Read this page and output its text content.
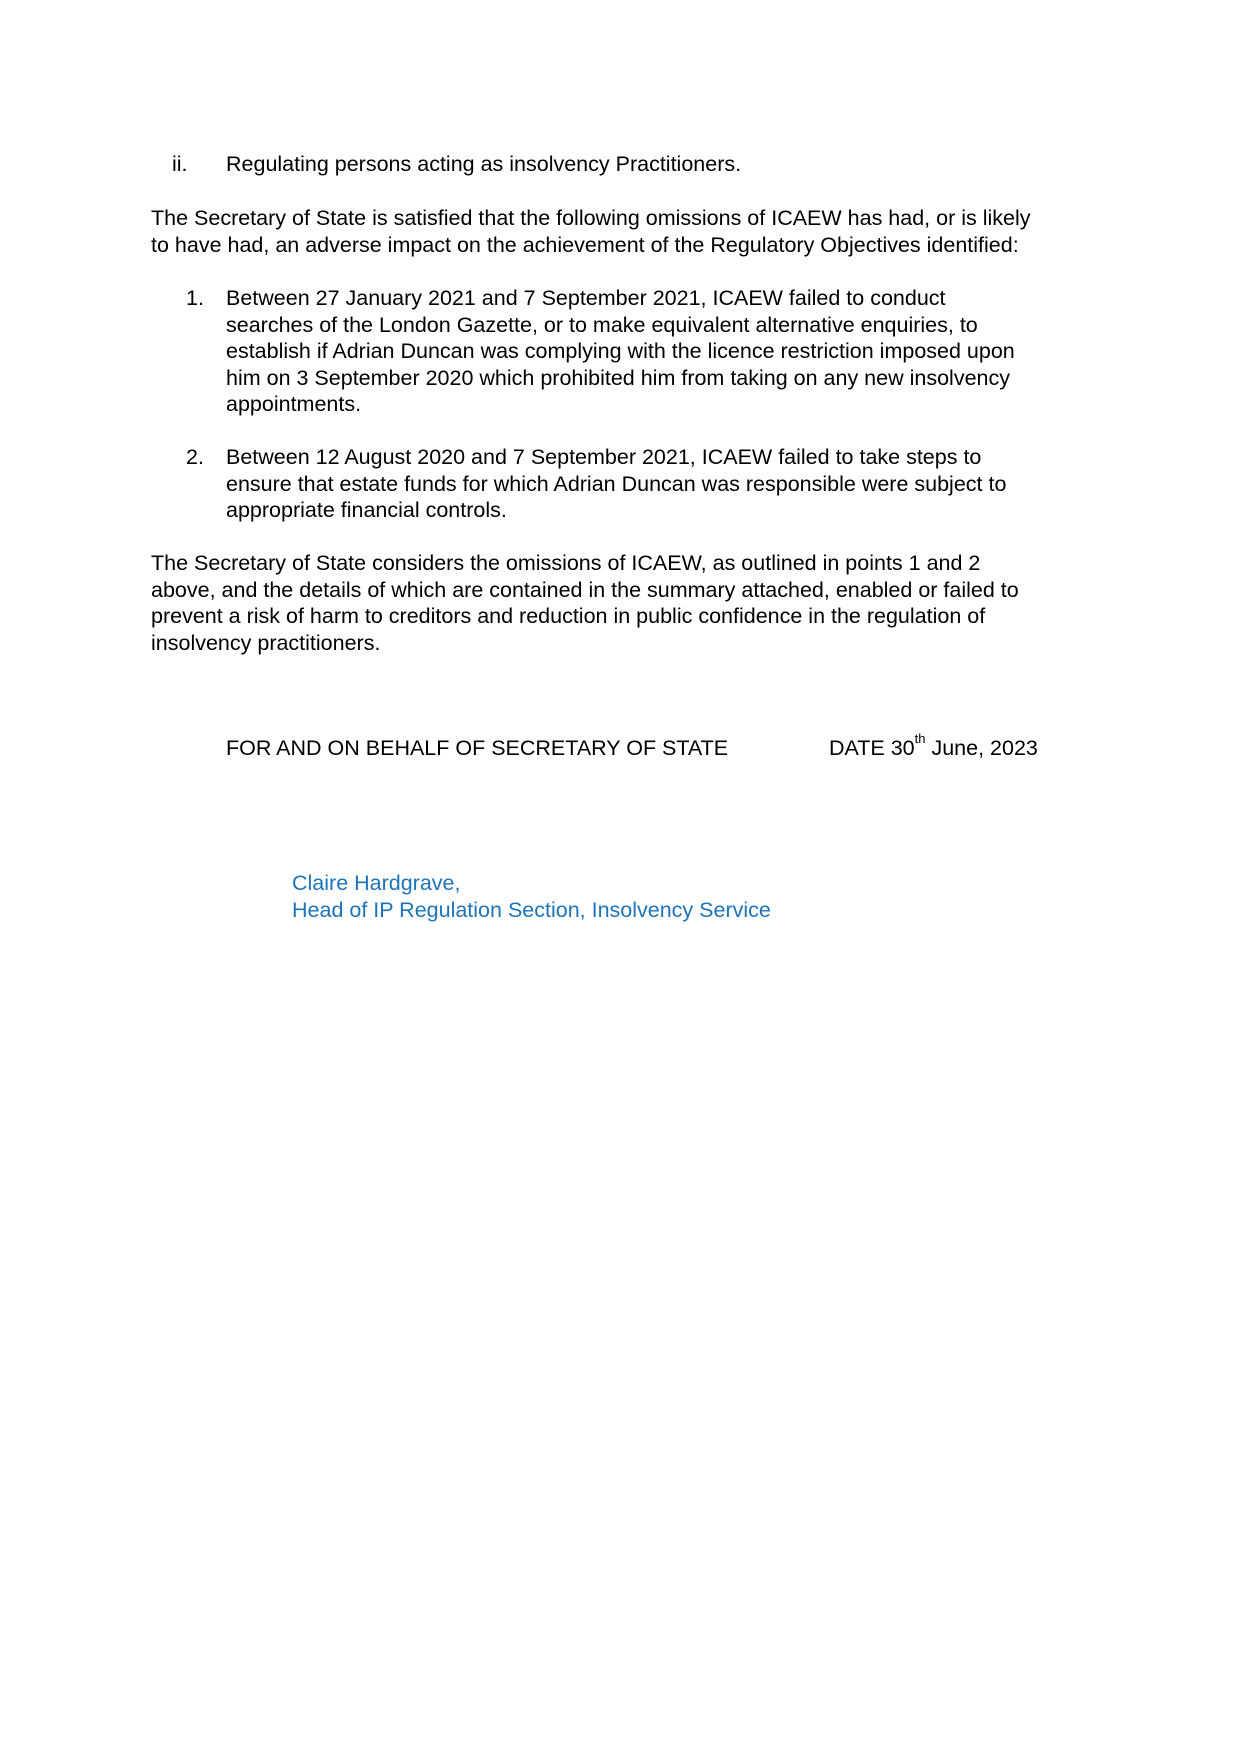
ii. Regulating persons acting as insolvency Practitioners.
The Secretary of State is satisfied that the following omissions of ICAEW has had, or is likely
to have had, an adverse impact on the achievement of the Regulatory Objectives identified:
1. Between 27 January 2021 and 7 September 2021, ICAEW failed to conduct
searches of the London Gazette, or to make equivalent alternative enquiries, to
establish if Adrian Duncan was complying with the licence restriction imposed upon
him on 3 September 2020 which prohibited him from taking on any new insolvency
appointments.
2. Between 12 August 2020 and 7 September 2021, ICAEW failed to take steps to
ensure that estate funds for which Adrian Duncan was responsible were subject to
appropriate financial controls.
The Secretary of State considers the omissions of ICAEW, as outlined in points 1 and 2
above, and the details of which are contained in the summary attached, enabled or failed to
prevent a risk of harm to creditors and reduction in public confidence in the regulation of
insolvency practitioners.
FOR AND ON BEHALF OF SECRETARY OF STATE	DATE 30th June, 2023
Claire Hardgrave,
Head of IP Regulation Section, Insolvency Service
